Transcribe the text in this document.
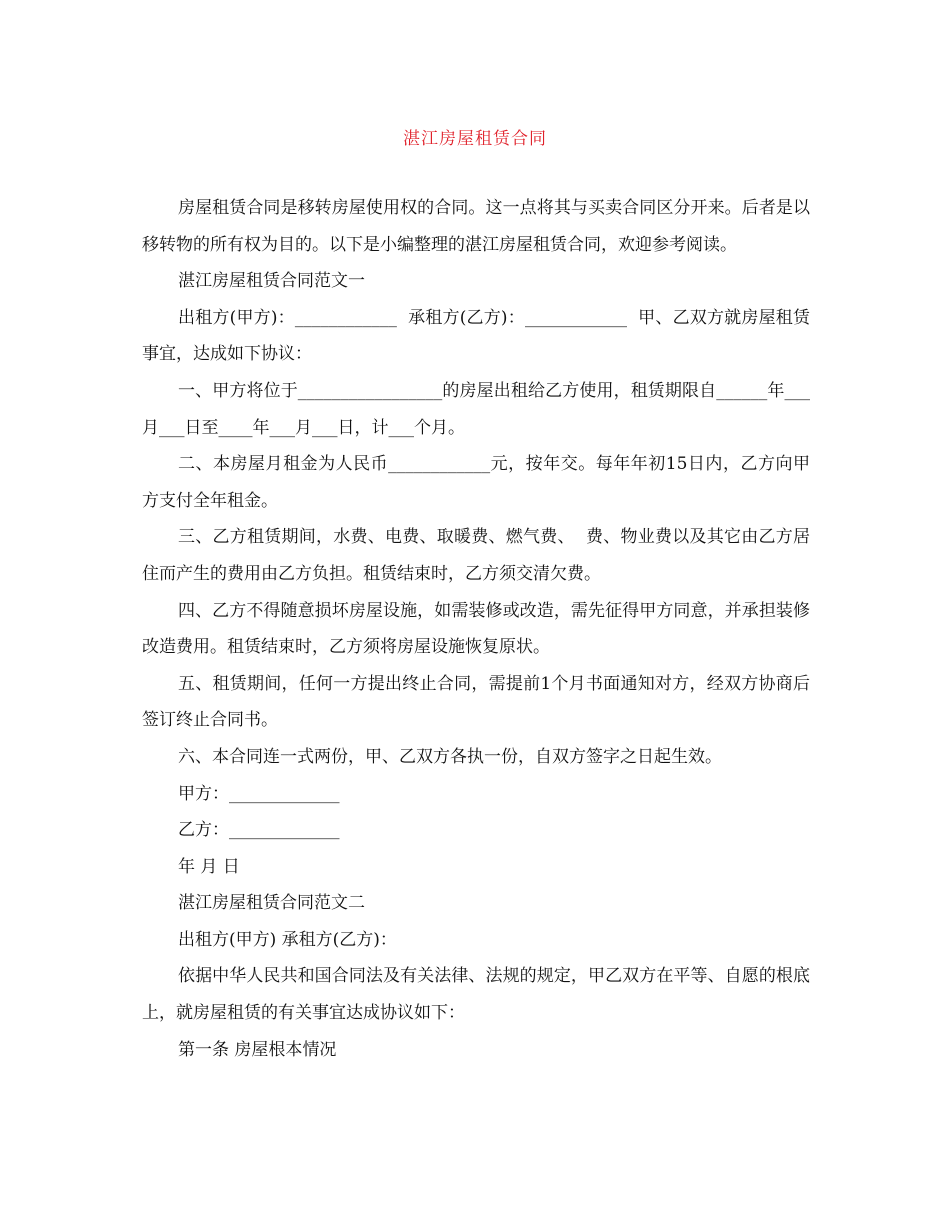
湛江房屋租赁合同

房屋租赁合同是移转房屋使用权的合同。这一点将其与买卖合同区分开来。后者是以移转物的所有权为目的。以下是小编整理的湛江房屋租赁合同，欢迎参考阅读。

湛江房屋租赁合同范文一

出租方(甲方)：____________  承租方(乙方)：____________  甲、乙双方就房屋租赁事宜，达成如下协议：

一、甲方将位于_________________的房屋出租给乙方使用，租赁期限自______年___月___日至____年___月___日，计___个月。

二、本房屋月租金为人民币____________元，按年交。每年年初15日内，乙方向甲方支付全年租金。

三、乙方租赁期间，水费、电费、取暖费、燃气费、  费、物业费以及其它由乙方居住而产生的费用由乙方负担。租赁结束时，乙方须交清欠费。

四、乙方不得随意损坏房屋设施，如需装修或改造，需先征得甲方同意，并承担装修改造费用。租赁结束时，乙方须将房屋设施恢复原状。

五、租赁期间，任何一方提出终止合同，需提前1个月书面通知对方，经双方协商后签订终止合同书。

六、本合同连一式两份，甲、乙双方各执一份，自双方签字之日起生效。

甲方：_____________

乙方：_____________

年 月 日

湛江房屋租赁合同范文二

出租方(甲方) 承租方(乙方)：

依据中华人民共和国合同法及有关法律、法规的规定，甲乙双方在平等、自愿的根底上，就房屋租赁的有关事宜达成协议如下：

第一条 房屋根本情况
